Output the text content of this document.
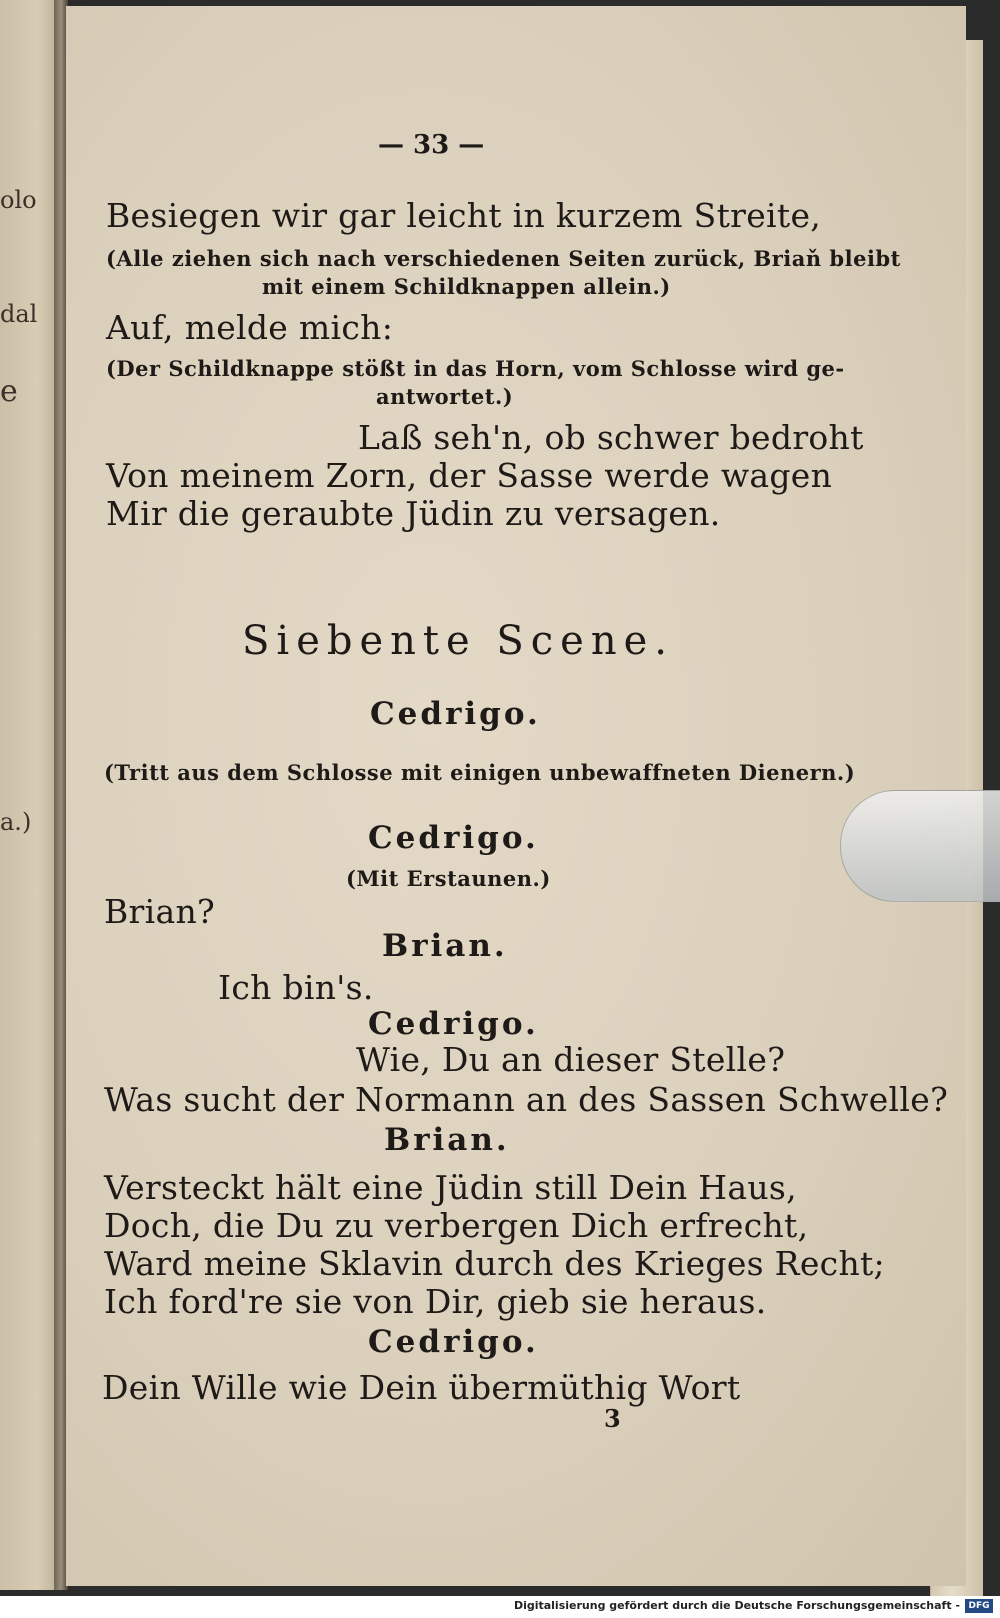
olo
dal
e
a.)
— 33 —
Besiegen wir gar leicht in kurzem Streite,
(Alle ziehen sich nach verschiedenen Seiten zurück, Briaň bleibt
mit einem Schildknappen allein.)
Auf, melde mich:
(Der Schildknappe stößt in das Horn, vom Schlosse wird ge-
antwortet.)
Laß seh'n, ob schwer bedroht
Von meinem Zorn, der Sasse werde wagen
Mir die geraubte Jüdin zu versagen.
Siebente Scene.
Cedrigo.
(Tritt aus dem Schlosse mit einigen unbewaffneten Dienern.)
Cedrigo.
(Mit Erstaunen.)
Brian?
Brian.
Ich bin's.
Cedrigo.
Wie, Du an dieser Stelle?
Was sucht der Normann an des Sassen Schwelle?
Brian.
Versteckt hält eine Jüdin still Dein Haus,
Doch, die Du zu verbergen Dich erfrecht,
Ward meine Sklavin durch des Krieges Recht;
Ich ford're sie von Dir, gieb sie heraus.
Cedrigo.
Dein Wille wie Dein übermüthig Wort
3
Digitalisierung gefördert durch die Deutsche Forschungsgemeinschaft - DFG
